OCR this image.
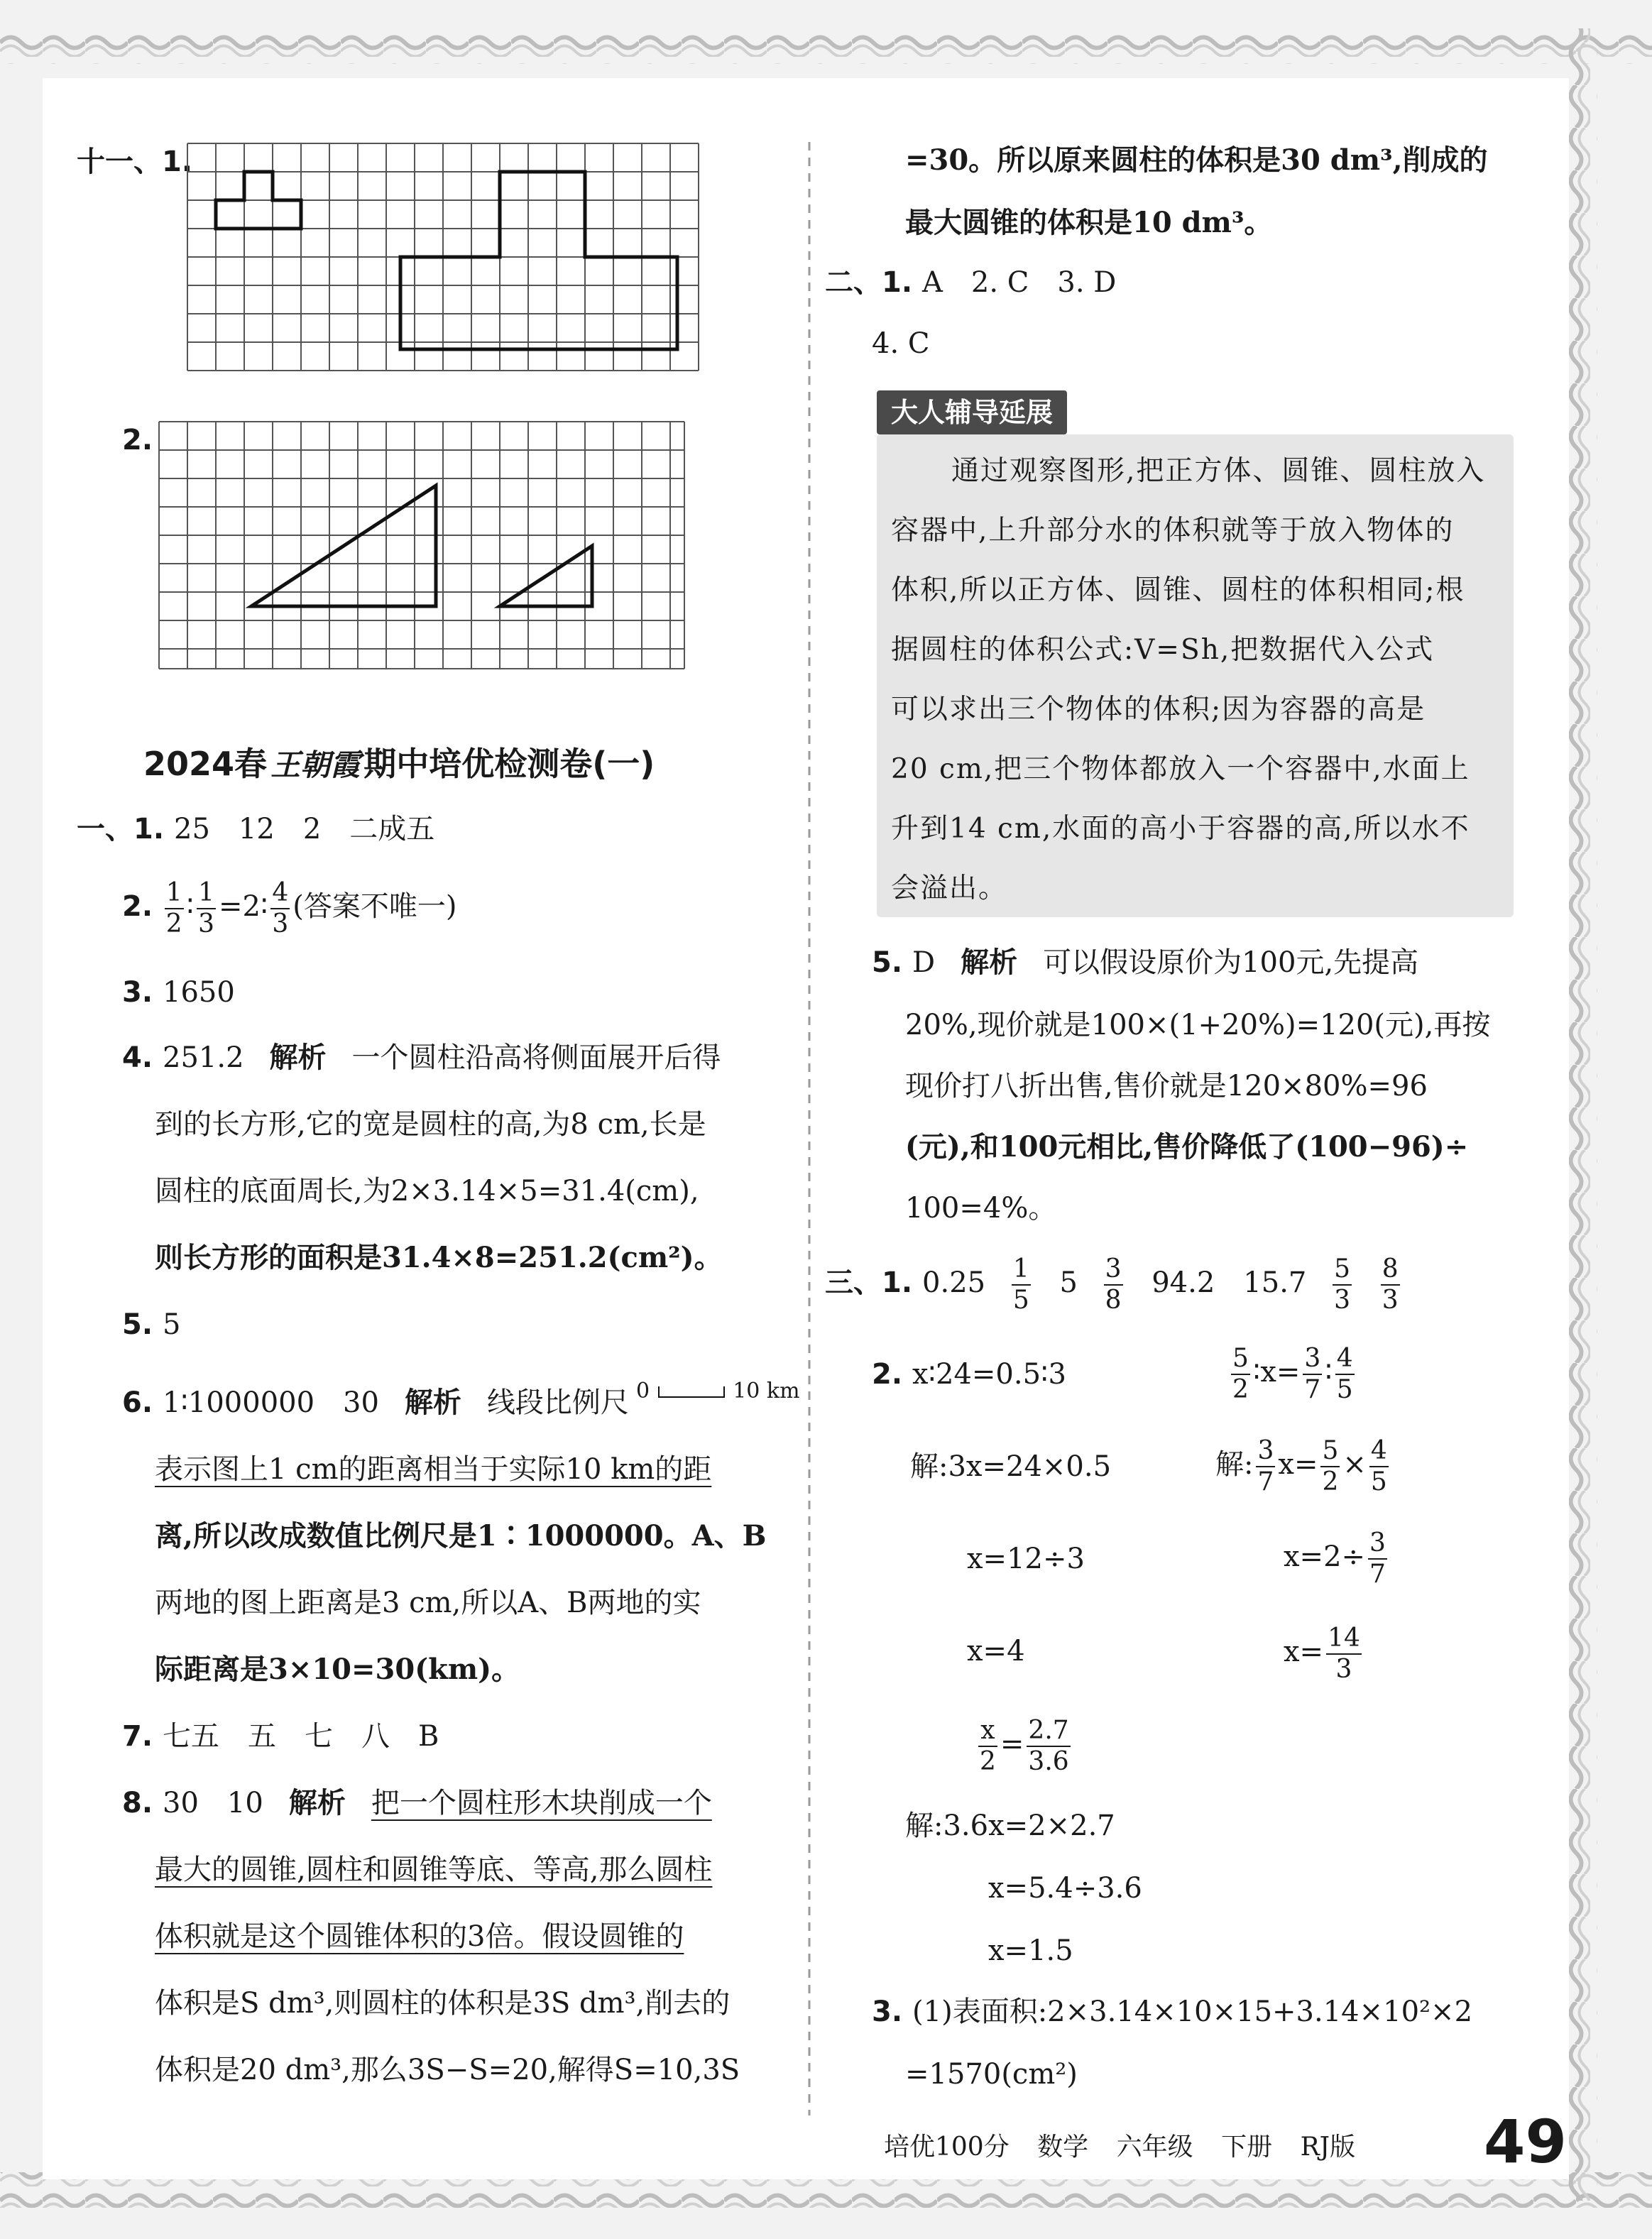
十一、1.
2.
2024春 王朝霞 期中培优检测卷(一)
一、1. 25　12　2　二成五
2. $\frac{1}{2}$ ∶ $\frac{1}{3}$ =2∶ $\frac{4}{3}$ (答案不唯一)
3. 1650
4. 251.2 解析 一个圆柱沿高将侧面展开后得
到的长方形,它的宽是圆柱的高,为8 cm,长是
圆柱的底面周长,为2×3.14×5=31.4(cm),
则长方形的面积是31.4×8=251.2(cm²)。
5. 5
6. 1∶1000000　30 解析 线段比例尺 0	10 km
表示图上1 cm的距离相当于实际10 km的距
离,所以改成数值比例尺是1∶1000000。A、B
两地的图上距离是3 cm,所以A、B两地的实
际距离是3×10=30(km)。
7. 七五　五　七　八　B
8. 30　10 解析 把一个圆柱形木块削成一个
最大的圆锥,圆柱和圆锥等底、等高,那么圆柱
体积就是这个圆锥体积的3倍。假设圆锥的
体积是S dm³,则圆柱的体积是3S dm³,削去的
体积是20 dm³,那么3S−S=20,解得S=10,3S
=30。所以原来圆柱的体积是30 dm³,削成的
最大圆锥的体积是10 dm³。
二、1. A　2. C　3. D
4. C
大人辅导延展
通过观察图形,把正方体、圆锥、圆柱放入
容器中,上升部分水的体积就等于放入物体的
体积,所以正方体、圆锥、圆柱的体积相同;根
据圆柱的体积公式:V=Sh,把数据代入公式
可以求出三个物体的体积;因为容器的高是
20 cm,把三个物体都放入一个容器中,水面上
升到14 cm,水面的高小于容器的高,所以水不
会溢出。
5. D 解析 可以假设原价为100元,先提高
20%,现价就是100×(1+20%)=120(元),再按
现价打八折出售,售价就是120×80%=96
(元),和100元相比,售价降低了(100−96)÷
100=4%。
三、1. $0.25 \frac{1}{5} 5 \frac{3}{8} 94.2$　$15.7 \frac{5}{3}$
$\frac{8}{3}$
2. x∶24=0.5∶3
解:3x=24×0.5
x=12÷3
x=4
$\frac{5}{2}$ ∶x= $\frac{3}{7}$ ∶ $\frac{4}{5}$
解: $\frac{3}{7} x= \frac{5}{2} \times \frac{4}{5}$
$x=2\div \frac{3}{7}$
$x= \frac{14}{3}$
$\frac{x}{2} = \frac{2.7}{3.6}$
解:3.6x=2×2.7
x=5.4÷3.6
x=1.5
3. (1)表面积:2×3.14×10×15+3.14×10²×2
=1570(cm²)
培优100分 数学 六年级 下册 RJ版 49
